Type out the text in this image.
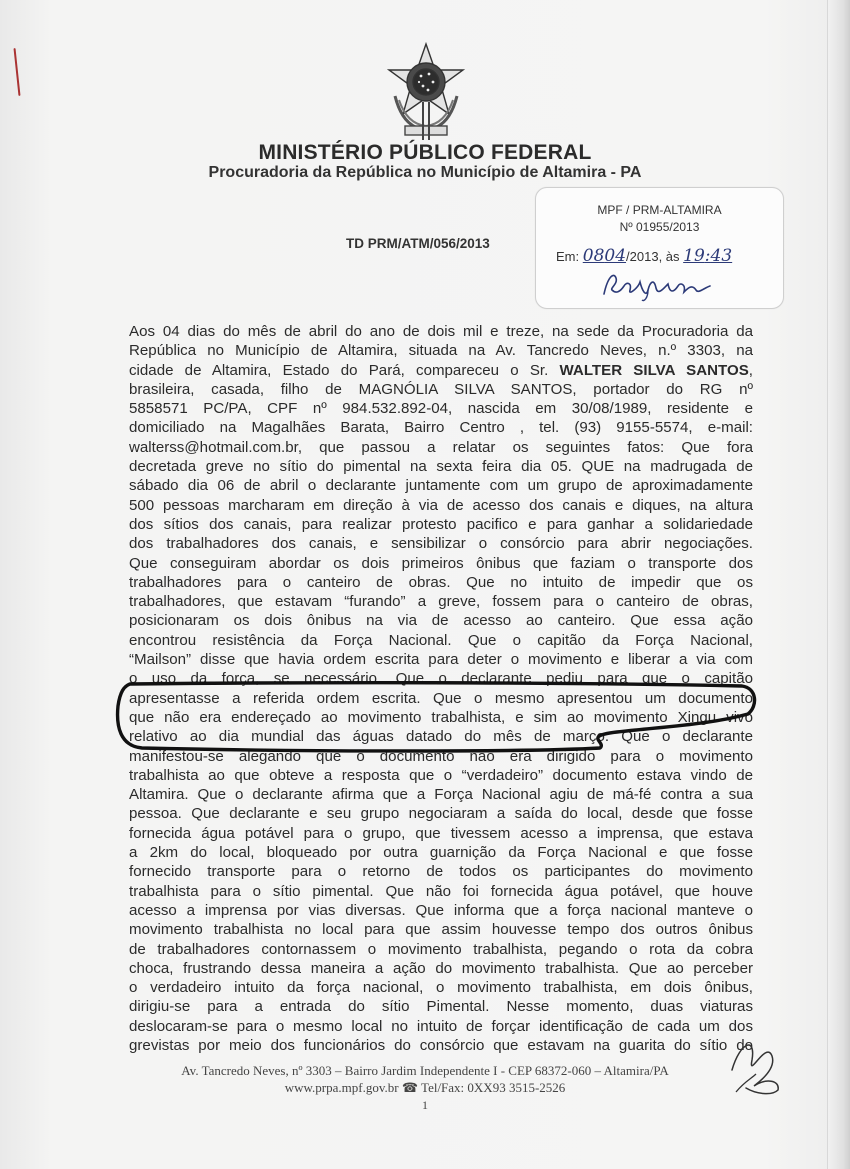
MINISTÉRIO PÚBLICO FEDERAL
Procuradoria da República no Município de Altamira - PA
MPF / PRM-ALTAMIRA
Nº 01955/2013
Em: 0804/2013, às 19:43
TD PRM/ATM/056/2013
Aos 04 dias do mês de abril do ano de dois mil e treze, na sede da Procuradoria da
República no Município de Altamira, situada na Av. Tancredo Neves, n.º 3303, na
cidade de Altamira, Estado do Pará, compareceu o Sr. WALTER SILVA SANTOS,
brasileira, casada, filho de MAGNÓLIA SILVA SANTOS, portador do RG nº
5858571 PC/PA, CPF nº 984.532.892-04, nascida em 30/08/1989, residente e
domiciliado na Magalhães Barata, Bairro Centro , tel. (93) 9155-5574, e-mail:
walterss@hotmail.com.br, que passou a relatar os seguintes fatos: Que fora
decretada greve no sítio do pimental na sexta feira dia 05. QUE na madrugada de
sábado dia 06 de abril o declarante juntamente com um grupo de aproximadamente
500 pessoas marcharam em direção à via de acesso dos canais e diques, na altura
dos sítios dos canais, para realizar protesto pacifico e para ganhar a solidariedade
dos trabalhadores dos canais, e sensibilizar o consórcio para abrir negociações.
Que conseguiram abordar os dois primeiros ônibus que faziam o transporte dos
trabalhadores para o canteiro de obras. Que no intuito de impedir que os
trabalhadores, que estavam “furando” a greve, fossem para o canteiro de obras,
posicionaram os dois ônibus na via de acesso ao canteiro. Que essa ação
encontrou resistência da Força Nacional. Que o capitão da Força Nacional,
“Mailson” disse que havia ordem escrita para deter o movimento e liberar a via com
o uso da força, se necessário. Que o declarante pediu para que o capitão
apresentasse a referida ordem escrita. Que o mesmo apresentou um documento
que não era endereçado ao movimento trabalhista, e sim ao movimento Xingu vivo
relativo ao dia mundial das águas datado do mês de março. Que o declarante
manifestou-se alegando que o documento não era dirigido para o movimento
trabalhista ao que obteve a resposta que o “verdadeiro” documento estava vindo de
Altamira. Que o declarante afirma que a Força Nacional agiu de má-fé contra a sua
pessoa. Que declarante e seu grupo negociaram a saída do local, desde que fosse
fornecida água potável para o grupo, que tivessem acesso a imprensa, que estava
a 2km do local, bloqueado por outra guarnição da Força Nacional e que fosse
fornecido transporte para o retorno de todos os participantes do movimento
trabalhista para o sítio pimental. Que não foi fornecida água potável, que houve
acesso a imprensa por vias diversas. Que informa que a força nacional manteve o
movimento trabalhista no local para que assim houvesse tempo dos outros ônibus
de trabalhadores contornassem o movimento trabalhista, pegando o rota da cobra
choca, frustrando dessa maneira a ação do movimento trabalhista. Que ao perceber
o verdadeiro intuito da força nacional, o movimento trabalhista, em dois ônibus,
dirigiu-se para a entrada do sítio Pimental. Nesse momento, duas viaturas
deslocaram-se para o mesmo local no intuito de forçar identificação de cada um dos
grevistas por meio dos funcionários do consórcio que estavam na guarita do sítio do
Av. Tancredo Neves, nº 3303 – Bairro Jardim Independente I - CEP 68372-060 – Altamira/PA
www.prpa.mpf.gov.br ☎ Tel/Fax: 0XX93 3515-2526
1
